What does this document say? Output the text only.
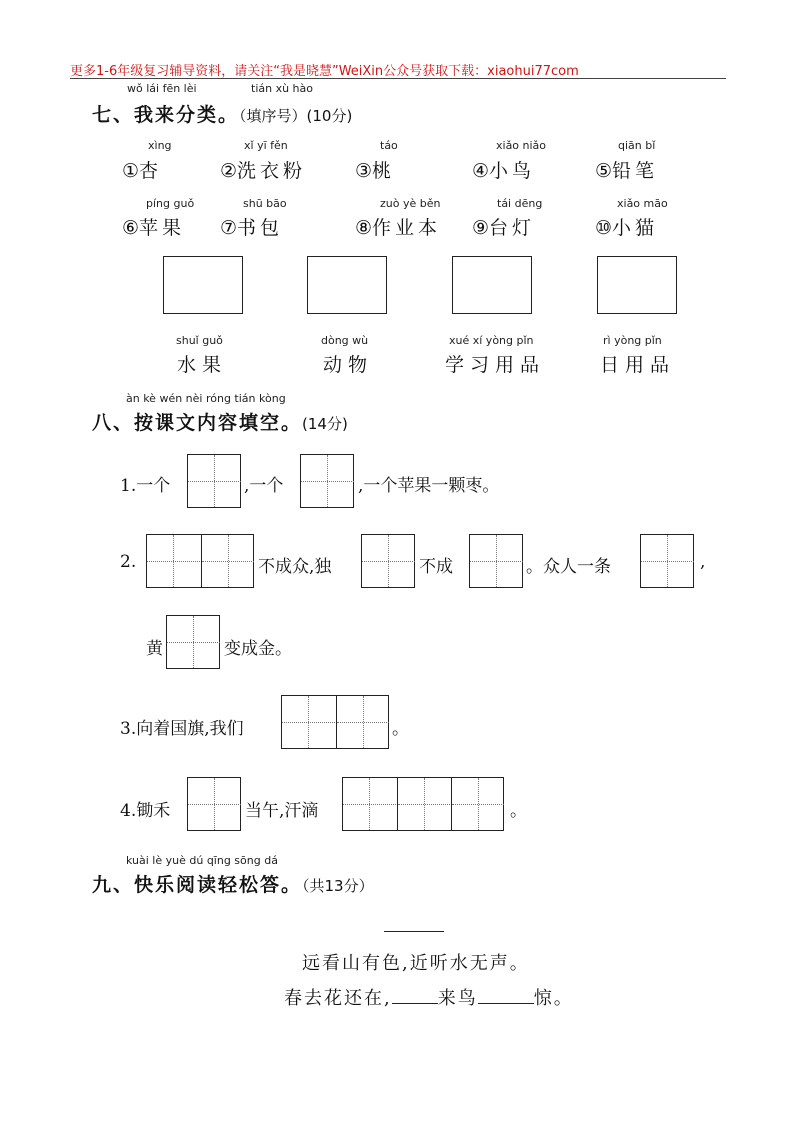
更多1-6年级复习辅导资料，请关注“我是晓慧”WeiXin公众号获取下载：xiaohui77com
wǒ lái fēn lèi	tián xù hào
七、我来分类。（填序号）(10分)
xìng
①杏
xǐ yī fěn
②洗衣粉
táo
③桃
xiǎo niǎo
④小鸟
qiān bǐ
⑤铅笔
píng guǒ
⑥苹果
shū bāo
⑦书包
zuò yè běn
⑧作业本
tái dēng
⑨台灯
xiǎo māo
⑩小猫
shuǐ guǒ
水果
dòng wù
动物
xué xí yòng pǐn
学习用品
rì yòng pǐn
日用品
àn kè wén nèi róng tián kòng
八、按课文内容填空。(14分)
1.一个	,一个	,一个苹果一颗枣。
2.	不成众,独	不成	。众人一条	,
黄	变成金。
3.向着国旗,我们	。
4.锄禾	当午,汗滴	。
kuài lè yuè dú qīng sōng dá
九、快乐阅读轻松答。（共13分）
远看山有色,近听水无声。
春去花还在,	来鸟	惊。
